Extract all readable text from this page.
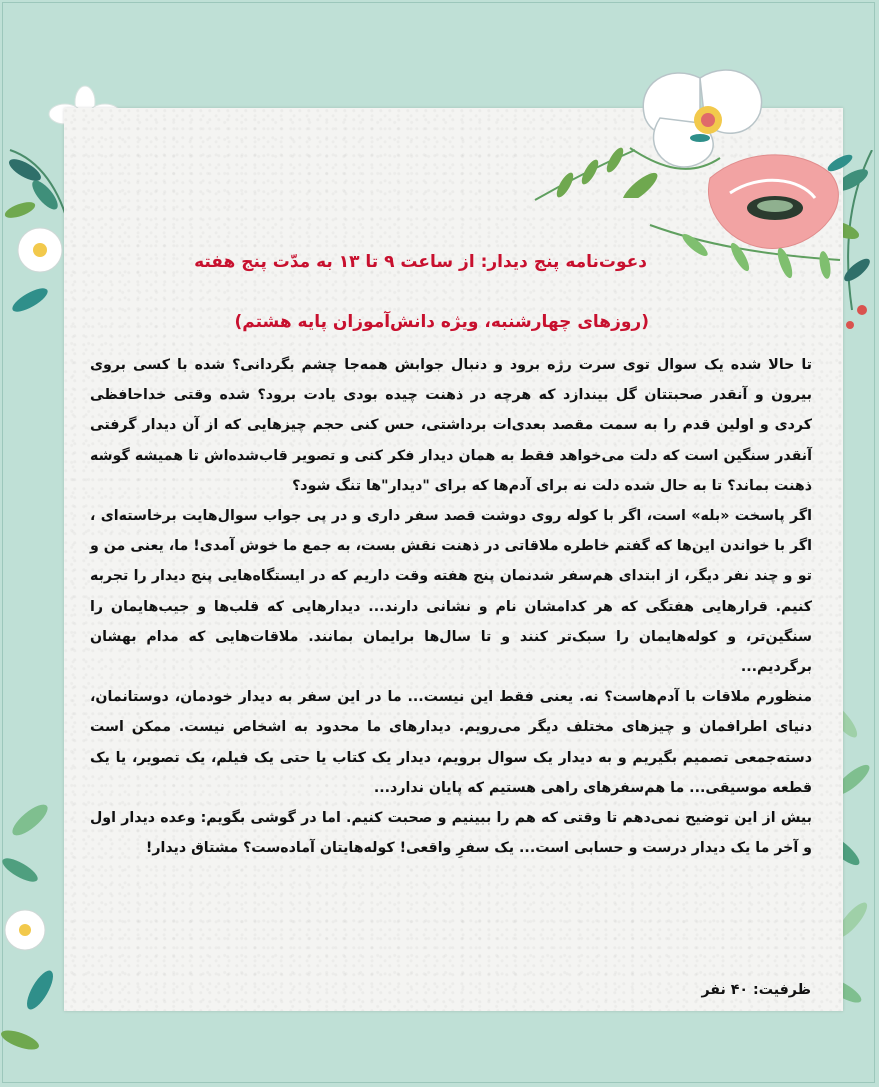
دعوت‌نامه پنج دیدار: از ساعت ۹ تا ۱۳ به مدّت پنج هفته
(روزهای چهارشنبه، ویژه دانش‌آموزان پایه هشتم)

تا حالا شده یک سوال توی سرت رژه برود و دنبال جوابش همه‌جا چشم بگردانی؟ شده با کسی بروی بیرون و آنقدر صحبتتان گل بیندازد که هرچه در ذهنت چیده بودی یادت برود؟ شده وقتی خداحافظی کردی و اولین قدم را به سمت مقصد بعدی‌ات برداشتی، حس کنی حجم چیزهایی که از آن دیدار گرفتی آنقدر سنگین است که دلت می‌خواهد فقط به همان دیدار فکر کنی و تصویر قاب‌شده‌اش تا همیشه گوشه ذهنت بماند؟ تا به حال شده دلت نه برای آدم‌ها که برای "دیدار"ها تنگ شود؟

اگر پاسخت «بله» است، اگر با کوله روی دوشت قصد سفر داری و در پی جواب سوال‌هایت برخاسته‌ای ، اگر با خواندن این‌ها که گفتم خاطره ملاقاتی در ذهنت نقش بست، به جمع ما خوش آمدی! ما، یعنی من و تو و چند نفر دیگر، از ابتدای هم‌سفر شدنمان پنج هفته وقت داریم که در ایستگاه‌هایی پنج دیدار را تجربه کنیم. قرارهایی هفتگی که هر کدامشان نام و نشانی دارند... دیدارهایی که قلب‌ها و جیب‌هایمان را سنگین‌تر، و کوله‌هایمان را سبک‌تر کنند و تا سال‌ها برایمان بمانند. ملاقات‌هایی که مدام بهشان برگردیم...

منظورم ملاقات با آدم‌هاست؟ نه. یعنی فقط این نیست... ما در این سفر به دیدار خودمان، دوستانمان، دنیای اطرافمان و چیزهای مختلف دیگر می‌رویم. دیدارهای ما محدود به اشخاص نیست. ممکن است دسته‌جمعی تصمیم بگیریم و به دیدار یک سوال برویم، دیدار یک کتاب یا حتی یک فیلم، یک تصویر، یا یک قطعه موسیقی... ما هم‌سفرهای راهی هستیم که پایان ندارد...

بیش از این توضیح نمی‌دهم تا وقتی که هم را ببینیم و صحبت کنیم. اما در گوشی بگویم: وعده دیدار اول و آخر ما یک دیدار درست و حسابی است... یک سفرِ واقعی! کوله‌هایتان آماده‌ست؟ مشتاق دیدار!

ظرفیت: ۴۰ نفر
